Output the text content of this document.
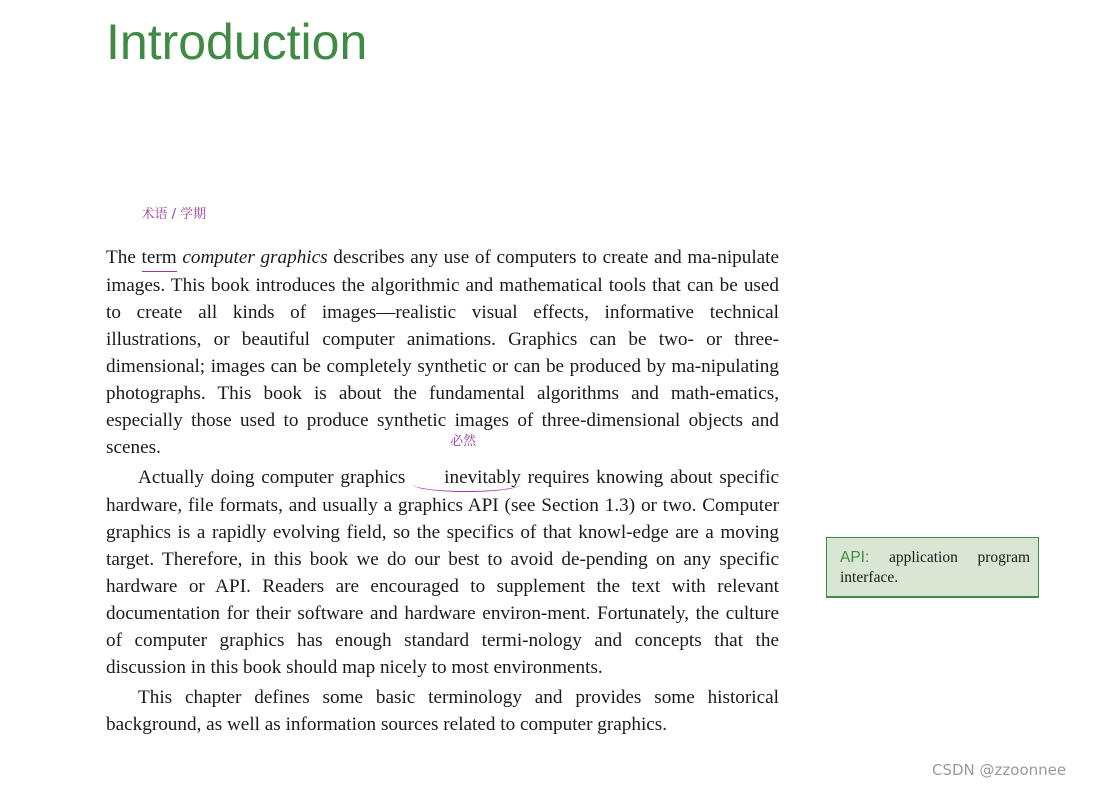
Introduction

The
术语 / 学期
term computer graphics describes any use of computers to create and ma-nipulate images. This book introduces the algorithmic and mathematical tools that can be used to create all kinds of images—realistic visual effects, informative technical illustrations, or beautiful computer animations. Graphics can be two- or three-dimensional; images can be completely synthetic or can be produced by ma-nipulating photographs. This book is about the fundamental algorithms and math-ematics, especially those used to produce synthetic images of three-dimensional objects and scenes.

Actually doing computer graphics
必然
inevitably requires knowing about specific hardware, file formats, and usually a graphics API (see Section 1.3) or two. Computer graphics is a rapidly evolving field, so the specifics of that knowl-edge are a moving target. Therefore, in this book we do our best to avoid de-pending on any specific hardware or API. Readers are encouraged to supplement the text with relevant documentation for their software and hardware environ-ment. Fortunately, the culture of computer graphics has enough standard termi-nology and concepts that the discussion in this book should map nicely to most environments.

This chapter defines some basic terminology and provides some historical background, as well as information sources related to computer graphics.

API: application program interface.
CSDN @zzoonnee
